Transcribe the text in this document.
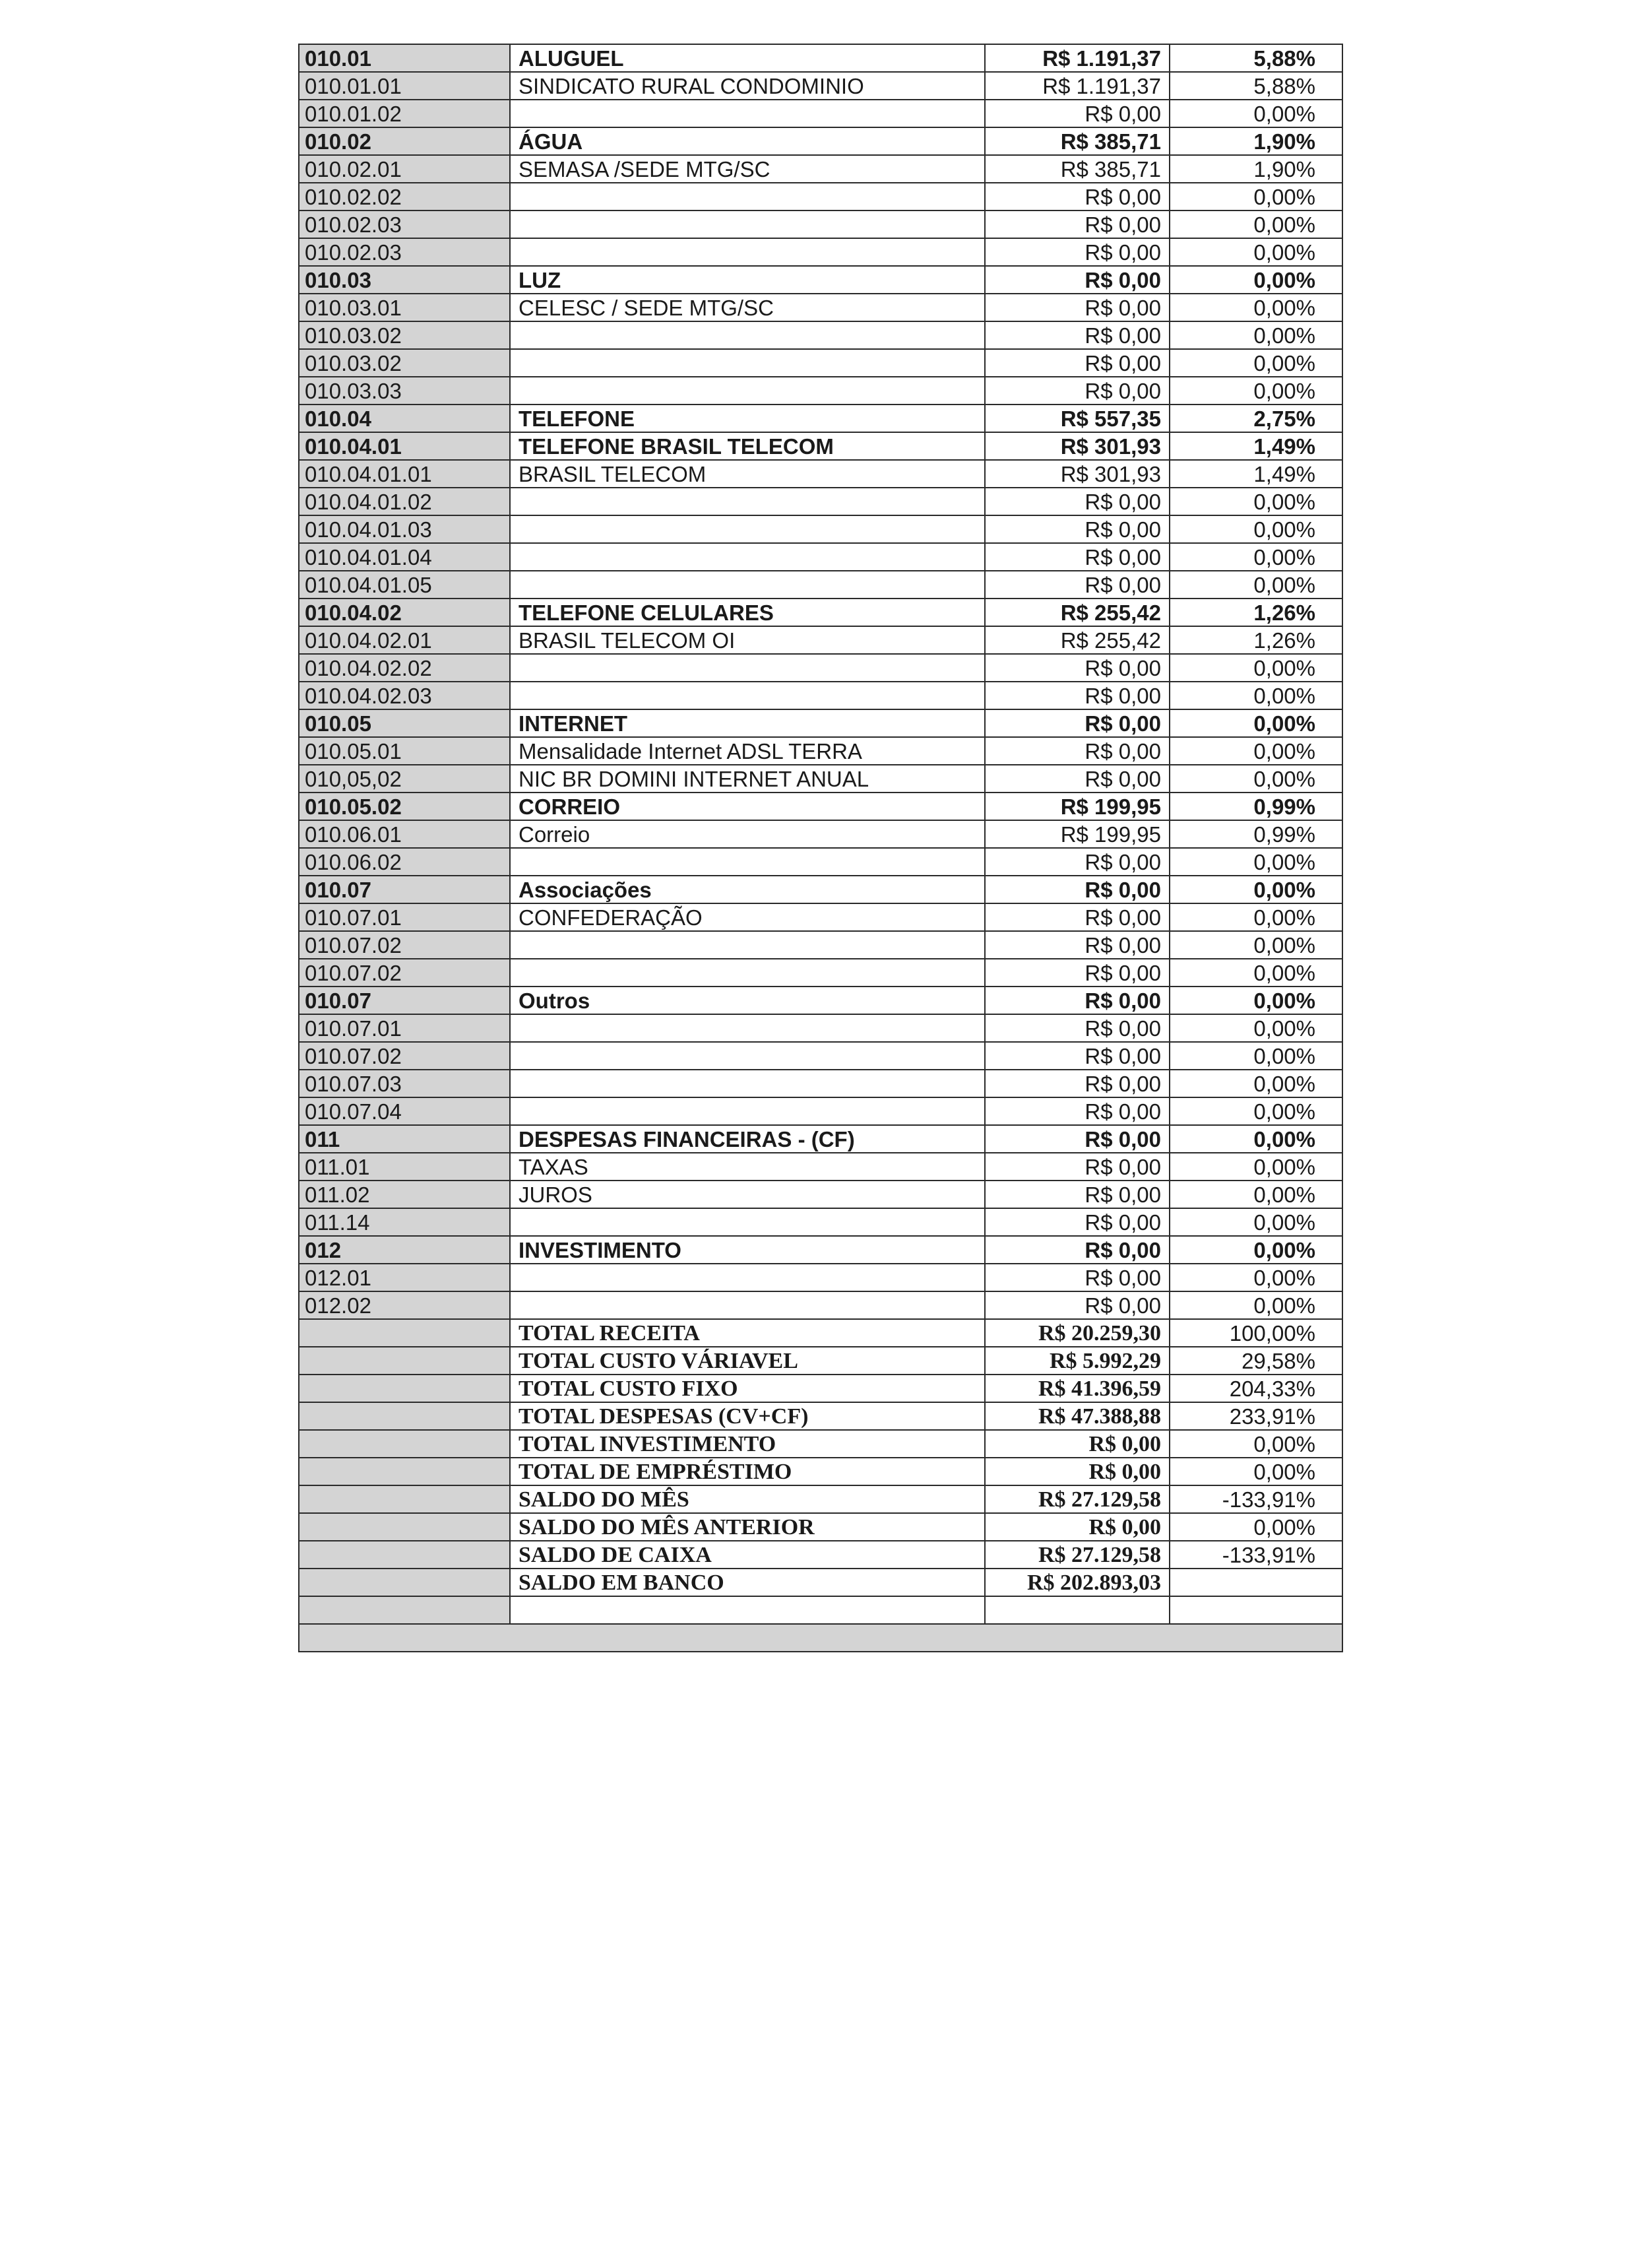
010.01	ALUGUEL	R$ 1.191,37	5,88%
010.01.01	SINDICATO RURAL CONDOMINIO	R$ 1.191,37	5,88%
010.01.02		R$ 0,00	0,00%
010.02	ÁGUA	R$ 385,71	1,90%
010.02.01	SEMASA /SEDE MTG/SC	R$ 385,71	1,90%
010.02.02		R$ 0,00	0,00%
010.02.03		R$ 0,00	0,00%
010.02.03		R$ 0,00	0,00%
010.03	LUZ	R$ 0,00	0,00%
010.03.01	CELESC / SEDE MTG/SC	R$ 0,00	0,00%
010.03.02		R$ 0,00	0,00%
010.03.02		R$ 0,00	0,00%
010.03.03		R$ 0,00	0,00%
010.04	TELEFONE	R$ 557,35	2,75%
010.04.01	TELEFONE BRASIL TELECOM	R$ 301,93	1,49%
010.04.01.01	BRASIL TELECOM	R$ 301,93	1,49%
010.04.01.02		R$ 0,00	0,00%
010.04.01.03		R$ 0,00	0,00%
010.04.01.04		R$ 0,00	0,00%
010.04.01.05		R$ 0,00	0,00%
010.04.02	TELEFONE CELULARES	R$ 255,42	1,26%
010.04.02.01	BRASIL TELECOM OI	R$ 255,42	1,26%
010.04.02.02		R$ 0,00	0,00%
010.04.02.03		R$ 0,00	0,00%
010.05	INTERNET	R$ 0,00	0,00%
010.05.01	Mensalidade Internet ADSL TERRA	R$ 0,00	0,00%
010,05,02	NIC BR DOMINI INTERNET ANUAL	R$ 0,00	0,00%
010.05.02	CORREIO	R$ 199,95	0,99%
010.06.01	Correio	R$ 199,95	0,99%
010.06.02		R$ 0,00	0,00%
010.07	Associações	R$ 0,00	0,00%
010.07.01	CONFEDERAÇÃO	R$ 0,00	0,00%
010.07.02		R$ 0,00	0,00%
010.07.02		R$ 0,00	0,00%
010.07	Outros	R$ 0,00	0,00%
010.07.01		R$ 0,00	0,00%
010.07.02		R$ 0,00	0,00%
010.07.03		R$ 0,00	0,00%
010.07.04		R$ 0,00	0,00%
011	DESPESAS FINANCEIRAS - (CF)	R$ 0,00	0,00%
011.01	TAXAS	R$ 0,00	0,00%
011.02	JUROS	R$ 0,00	0,00%
011.14		R$ 0,00	0,00%
012	INVESTIMENTO	R$ 0,00	0,00%
012.01		R$ 0,00	0,00%
012.02		R$ 0,00	0,00%
	TOTAL RECEITA	R$ 20.259,30	100,00%
	TOTAL CUSTO VÁRIAVEL	R$ 5.992,29	29,58%
	TOTAL CUSTO FIXO	R$ 41.396,59	204,33%
	TOTAL DESPESAS (CV+CF)	R$ 47.388,88	233,91%
	TOTAL INVESTIMENTO	R$ 0,00	0,00%
	TOTAL DE EMPRÉSTIMO	R$ 0,00	0,00%
	SALDO DO MÊS	R$ 27.129,58	-133,91%
	SALDO DO MÊS ANTERIOR	R$ 0,00	0,00%
	SALDO DE CAIXA	R$ 27.129,58	-133,91%
	SALDO EM BANCO	R$ 202.893,03	
